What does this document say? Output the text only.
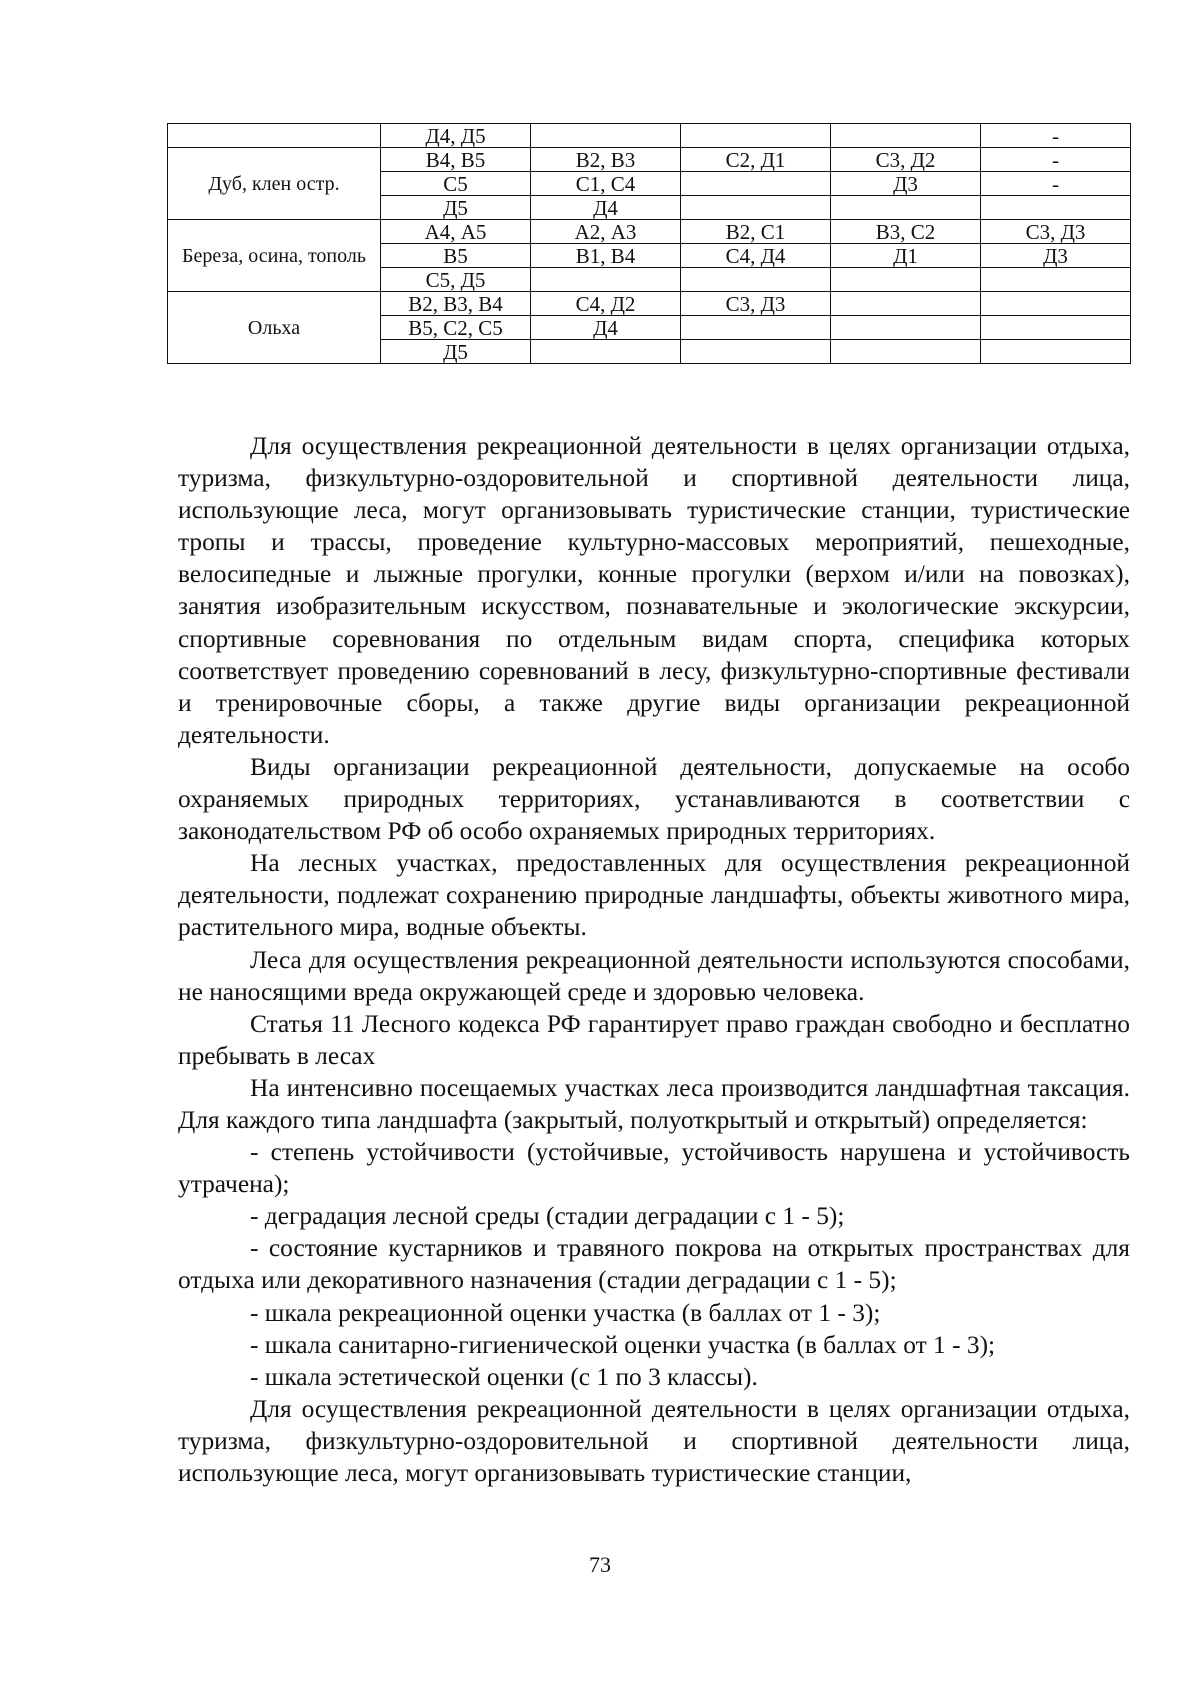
	Д4, Д5				-
Дуб, клен остр.	В4, В5	В2, В3	С2, Д1	С3, Д2	-
	С5	С1, С4		Д3	-
	Д5	Д4			
Береза, осина, тополь	А4, А5	А2, А3	В2, С1	В3, С2	С3, Д3
	В5	В1, В4	С4, Д4	Д1	Д3
	С5, Д5				
Ольха	В2, В3, В4	С4, Д2	С3, Д3		
	В5, С2, С5	Д4			
	Д5				

Для осуществления рекреационной деятельности в целях организации отдыха, туризма, физкультурно-оздоровительной и спортивной деятельности лица, использующие леса, могут организовывать туристические станции, туристические тропы и трассы, проведение культурно-массовых мероприятий, пешеходные, велосипедные и лыжные прогулки, конные прогулки (верхом и/или на повозках), занятия изобразительным искусством, познавательные и экологические экскурсии, спортивные соревнования по отдельным видам спорта, специфика которых соответствует проведению соревнований в лесу, физкультурно-спортивные фестивали и тренировочные сборы, а также другие виды организации рекреационной деятельности.

Виды организации рекреационной деятельности, допускаемые на особо охраняемых природных территориях, устанавливаются в соответствии с законодательством РФ об особо охраняемых природных территориях.

На лесных участках, предоставленных для осуществления рекреационной деятельности, подлежат сохранению природные ландшафты, объекты животного мира, растительного мира, водные объекты.

Леса для осуществления рекреационной деятельности используются способами, не наносящими вреда окружающей среде и здоровью человека.

Статья 11 Лесного кодекса РФ гарантирует право граждан свободно и бесплатно пребывать в лесах

На интенсивно посещаемых участках леса производится ландшафтная таксация. Для каждого типа ландшафта (закрытый, полуоткрытый и открытый) определяется:

- степень устойчивости (устойчивые, устойчивость нарушена и устойчивость утрачена);

- деградация лесной среды (стадии деградации с 1 - 5);

- состояние кустарников и травяного покрова на открытых пространствах для отдыха или декоративного назначения (стадии деградации с 1 - 5);

- шкала рекреационной оценки участка (в баллах от 1 - 3);

- шкала санитарно-гигиенической оценки участка (в баллах от 1 - 3);

- шкала эстетической оценки (с 1 по 3 классы).

Для осуществления рекреационной деятельности в целях организации отдыха, туризма, физкультурно-оздоровительной и спортивной деятельности лица, использующие леса, могут организовывать туристические станции,

73
